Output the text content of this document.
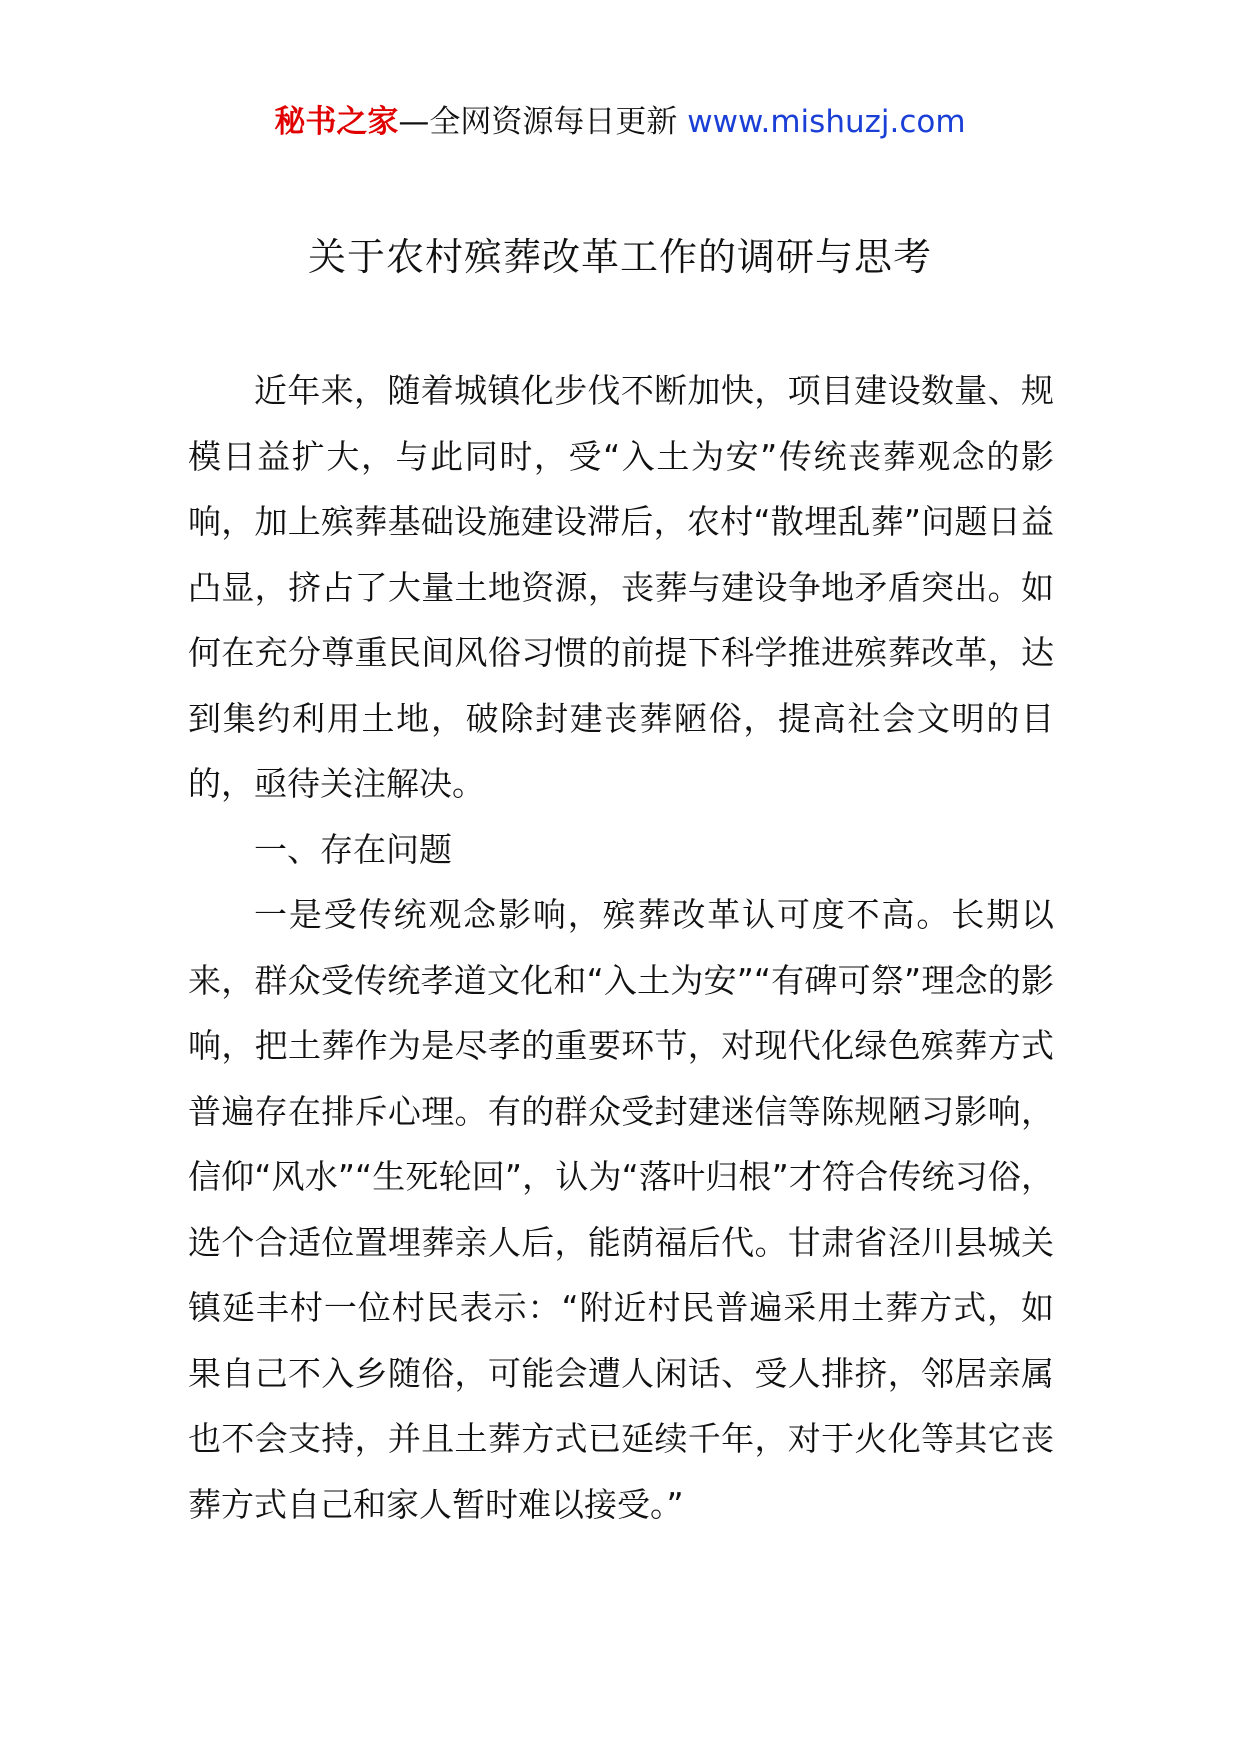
秘书之家—全网资源每日更新 www.mishuzj.com
关于农村殡葬改革工作的调研与思考

近年来，随着城镇化步伐不断加快，项目建设数量、规模日益扩大，与此同时，受“入土为安”传统丧葬观念的影响，加上殡葬基础设施建设滞后，农村“散埋乱葬”问题日益凸显，挤占了大量土地资源，丧葬与建设争地矛盾突出。如何在充分尊重民间风俗习惯的前提下科学推进殡葬改革，达到集约利用土地，破除封建丧葬陋俗，提高社会文明的目的，亟待关注解决。

一、存在问题

一是受传统观念影响，殡葬改革认可度不高。长期以来，群众受传统孝道文化和“入土为安”“有碑可祭”理念的影响，把土葬作为是尽孝的重要环节，对现代化绿色殡葬方式普遍存在排斥心理。有的群众受封建迷信等陈规陋习影响，信仰“风水”“生死轮回”，认为“落叶归根”才符合传统习俗，选个合适位置埋葬亲人后，能荫福后代。甘肃省泾川县城关镇延丰村一位村民表示：“附近村民普遍采用土葬方式，如果自己不入乡随俗，可能会遭人闲话、受人排挤，邻居亲属也不会支持，并且土葬方式已延续千年，对于火化等其它丧葬方式自己和家人暂时难以接受。”
